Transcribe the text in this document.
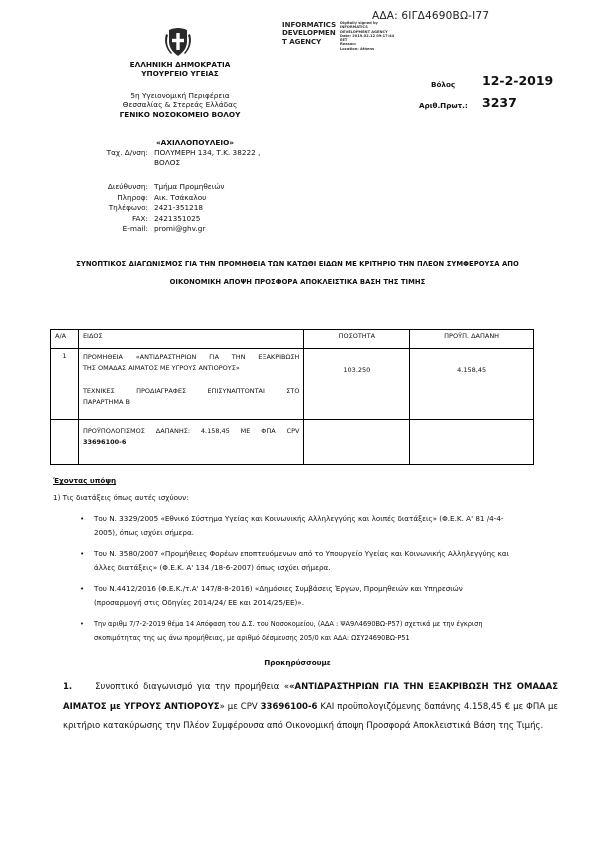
ΑΔΑ: 6ΙΓΔ4690ΒΩ-Ι77
INFORMATICS
DEVELOPMEN
T AGENCY
Digitally signed by
INFORMATICS
DEVELOPMENT AGENCY
Date: 2019.02.12 09:17:44
EET
Reason:
Location: Athens
ΕΛΛΗΝΙΚΗ ΔΗΜΟΚΡΑΤΙΑ
ΥΠΟΥΡΓΕΙΟ ΥΓΕΙΑΣ
5η Υγειονομική Περιφέρεια
Θεσσαλίας & Στερεάς Ελλάδας
ΓΕΝΙΚΟ ΝΟΣΟΚΟΜΕΙΟ ΒΟΛΟΥ
«ΑΧΙΛΛΟΠΟΥΛΕΙΟ»
Βόλος 12-2-2019
Αριθ.Πρωτ.: 3237
Ταχ. Δ/νση: ΠΟΛΥΜΕΡΗ 134, Τ.Κ. 38222 ,
ΒΟΛΟΣ
Διεύθυνση: Τμήμα Προμηθειών
Πληροφ: Αικ. Τσάκαλου
Τηλέφωνο: 2421-351218
FAX: 2421351025
E-mail: promi@ghv.gr
ΣΥΝΟΠΤΙΚΟΣ ΔΙΑΓΩΝΙΣΜΟΣ ΓΙΑ ΤΗΝ ΠΡΟΜΗΘΕΙΑ ΤΩΝ ΚΑΤΩΘΙ ΕΙΔΩΝ ΜΕ ΚΡΙΤΗΡΙΟ ΤΗΝ ΠΛΕΟΝ ΣΥΜΦΕΡΟΥΣΑ ΑΠΟ
ΟΙΚΟΝΟΜΙΚΗ ΑΠΟΨΗ ΠΡΟΣΦΟΡΑ ΑΠΟΚΛΕΙΣΤΙΚΑ ΒΑΣΗ ΤΗΣ ΤΙΜΗΣ
Α/Α	ΕΙΔΟΣ	ΠΟΣΟΤΗΤΑ	ΠΡΟΫΠ. ΔΑΠΑΝΗ
1	ΠΡΟΜΗΘΕΙΑ «ΑΝΤΙΔΡΑΣΤΗΡΙΩΝ ΓΙΑ ΤΗΝ ΕΞΑΚΡΙΒΩΣΗ
ΤΗΣ ΟΜΑΔΑΣ ΑΙΜΑΤΟΣ ΜΕ ΥΓΡΟΥΣ ΑΝΤΙΟΡΟΥΣ»
ΤΕΧΝΙΚΕΣ ΠΡΟΔΙΑΓΡΑΦΕΣ ΕΠΙΣΥΝΑΠΤΟΝΤΑΙ ΣΤΟ
ΠΑΡΑΡΤΗΜΑ Β	103.250	4.158,45

	ΠΡΟΫΠΟΛΟΓΙΣΜΟΣ ΔΑΠΑΝΗΣ: 4.158,45 ΜΕ ΦΠΑ CPV
33696100-6		

Έχοντας υπόψη
1) Τις διατάξεις όπως αυτές ισχύουν:
•	Του Ν. 3329/2005 «Εθνικό Σύστημα Υγείας και Κοινωνικής Αλληλεγγύης και λοιπές διατάξεις» (Φ.Ε.Κ. Α' 81 /4-4-
2005), όπως ισχύει σήμερα.
•	Του Ν. 3580/2007 «Προμήθειες Φορέων εποπτευόμενων από το Υπουργείο Υγείας και Κοινωνικής Αλληλεγγύης και
άλλες διατάξεις» (Φ.Ε.Κ. Α' 134 /18-6-2007) όπως ισχύει σήμερα.
•	Του Ν.4412/2016 (Φ.Ε.Κ./τ.Α' 147/8-8-2016) «Δημόσιες Συμβάσεις Έργων, Προμηθειών και Υπηρεσιών
(προσαρμογή στις Οδηγίες 2014/24/ ΕΕ και 2014/25/ΕΕ)».
•	Την αριθμ 7/7-2-2019 θέμα 14 Απόφαση του Δ.Σ. του Νοσοκομείου, (ΑΔΑ : ΨΑ9Λ4690ΒΩ-Ρ57) σχετικά με την έγκριση
σκοπιμότητας της ως άνω προμήθειας, με αριθμό δέσμευσης 205/0 και ΑΔΑ: ΩΣΥ24690ΒΩ-Ρ51
Προκηρύσσουμε
1.	Συνοπτικό διαγωνισμό για την προμήθεια ««ΑΝΤΙΔΡΑΣΤΗΡΙΩΝ ΓΙΑ ΤΗΝ ΕΞΑΚΡΙΒΩΣΗ ΤΗΣ ΟΜΑΔΑΣ ΑΙΜΑΤΟΣ με ΥΓΡΟΥΣ ΑΝΤΙΟΡΟΥΣ» με CPV 33696100-6 ΚΑΙ προϋπολογιζόμενης δαπάνης 4.158,45 € με ΦΠΑ με κριτήριο κατακύρωσης την Πλέον Συμφέρουσα από Οικονομική άποψη Προσφορά Αποκλειστικά Βάση της Τιμής.
